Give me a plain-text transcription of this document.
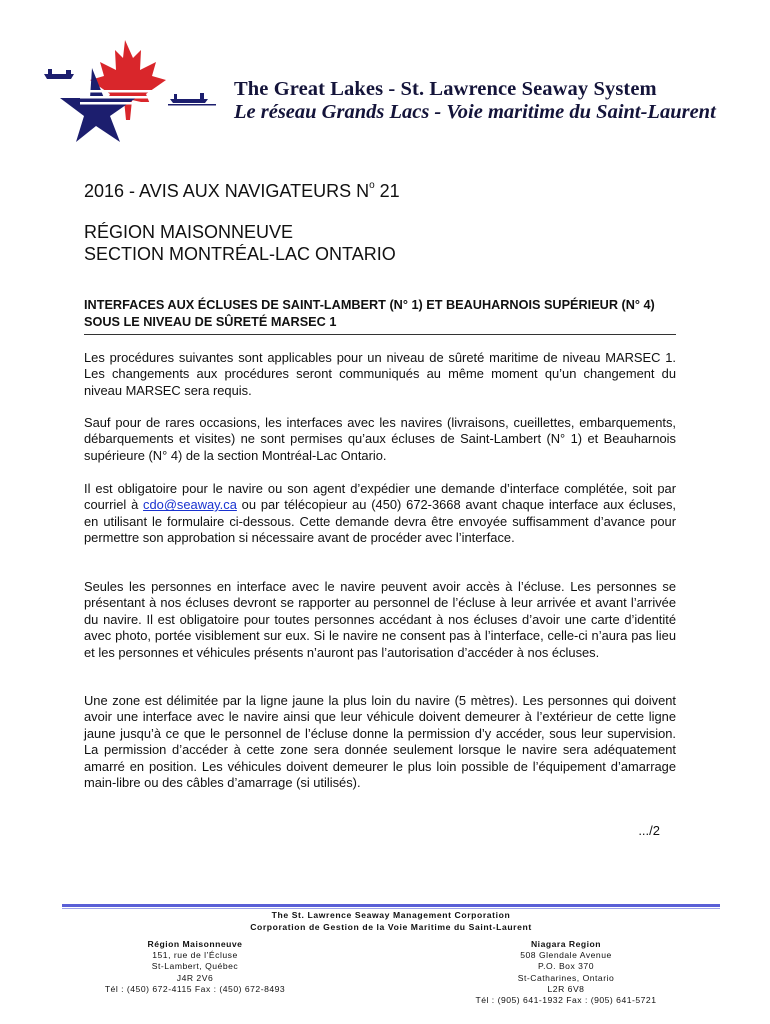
The Great Lakes - St. Lawrence Seaway System
Le réseau Grands Lacs - Voie maritime du Saint-Laurent
2016 - AVIS AUX NAVIGATEURS $N^o$ 21
RÉGION MAISONNEUVE
SECTION MONTRÉAL-LAC ONTARIO
INTERFACES AUX ÉCLUSES DE SAINT-LAMBERT (N° 1) ET BEAUHARNOIS SUPÉRIEUR (N° 4) SOUS LE NIVEAU DE SÛRETÉ MARSEC 1
Les procédures suivantes sont applicables pour un niveau de sûreté maritime de niveau MARSEC 1. Les changements aux procédures seront communiqués au même moment qu’un changement du niveau MARSEC sera requis.
Sauf pour de rares occasions, les interfaces avec les navires (livraisons, cueillettes, embarquements, débarquements et visites) ne sont permises qu’aux écluses de Saint-Lambert (N° 1) et Beauharnois supérieure (N° 4) de la section Montréal-Lac Ontario.
Il est obligatoire pour le navire ou son agent d’expédier une demande d’interface complétée, soit par courriel à cdo@seaway.ca ou par télécopieur au (450) 672-3668 avant chaque interface aux écluses, en utilisant le formulaire ci-dessous. Cette demande devra être envoyée suffisamment d’avance pour permettre son approbation si nécessaire avant de procéder avec l’interface.
Seules les personnes en interface avec le navire peuvent avoir accès à l’écluse. Les personnes se présentant à nos écluses devront se rapporter au personnel de l’écluse à leur arrivée et avant l’arrivée du navire. Il est obligatoire pour toutes personnes accédant à nos écluses d’avoir une carte d’identité avec photo, portée visiblement sur eux. Si le navire ne consent pas à l’interface, celle-ci n’aura pas lieu et les personnes et véhicules présents n’auront pas l’autorisation d’accéder à nos écluses.
Une zone est délimitée par la ligne jaune la plus loin du navire (5 mètres). Les personnes qui doivent avoir une interface avec le navire ainsi que leur véhicule doivent demeurer à l’extérieur de cette ligne jaune jusqu’à ce que le personnel de l’écluse donne la permission d’y accéder, sous leur supervision. La permission d’accéder à cette zone sera donnée seulement lorsque le navire sera adéquatement amarré en position. Les véhicules doivent demeurer le plus loin possible de l’équipement d’amarrage main-libre ou des câbles d’amarrage (si utilisés).
.../2
The St. Lawrence Seaway Management Corporation
Corporation de Gestion de la Voie Maritime du Saint-Laurent
Région Maisonneuve
151, rue de l’Écluse
St-Lambert, Québec
J4R 2V6
Tél : (450) 672-4115 Fax : (450) 672-8493
Niagara Region
508 Glendale Avenue
P.O. Box 370
St-Catharines, Ontario
L2R 6V8
Tél : (905) 641-1932 Fax : (905) 641-5721
